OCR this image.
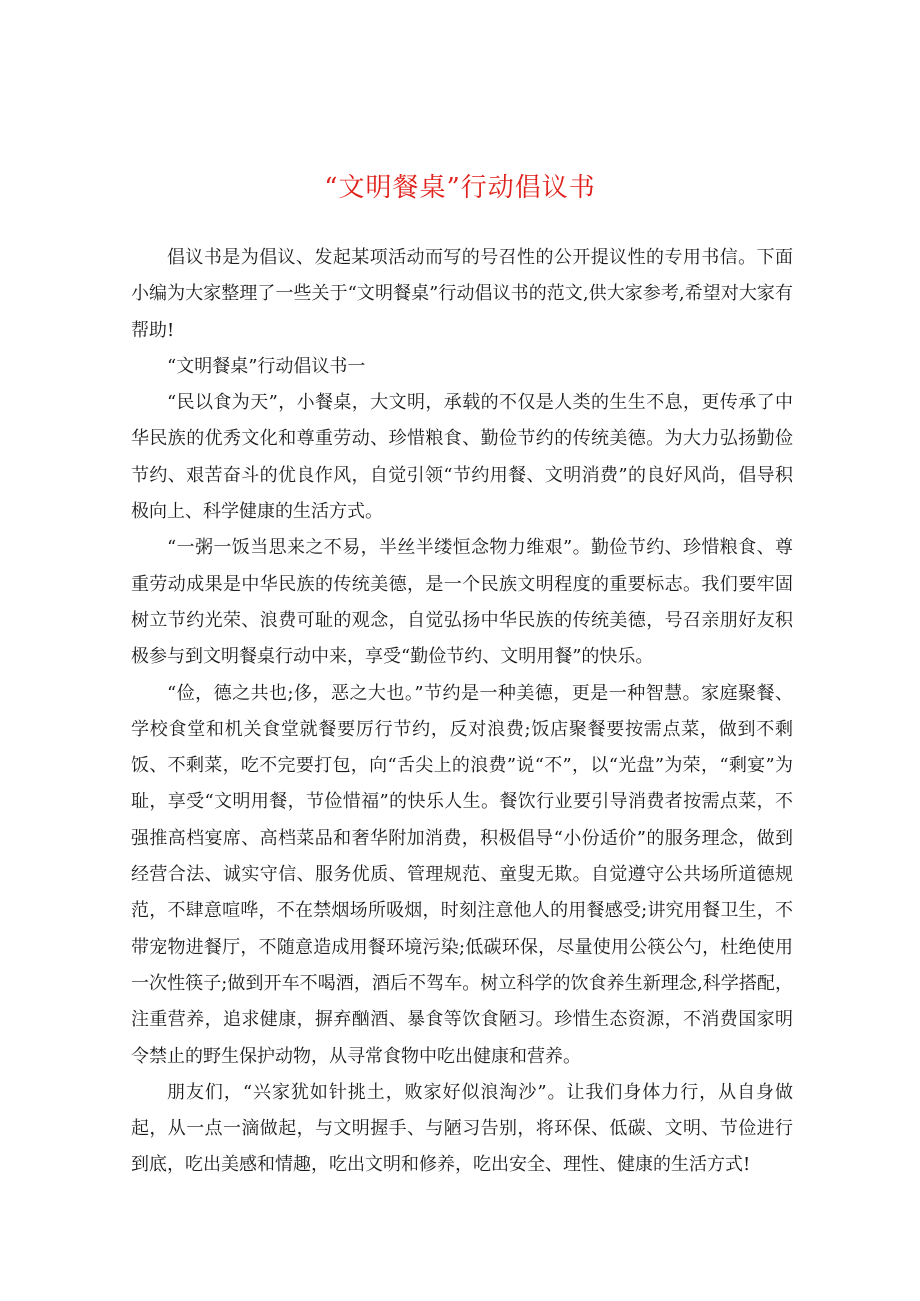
“文明餐桌”行动倡议书

倡议书是为倡议、发起某项活动而写的号召性的公开提议性的专用书信。下面小编为大家整理了一些关于“文明餐桌”行动倡议书的范文,供大家参考,希望对大家有帮助!

“文明餐桌”行动倡议书一

“民以食为天”，小餐桌，大文明，承载的不仅是人类的生生不息，更传承了中华民族的优秀文化和尊重劳动、珍惜粮食、勤俭节约的传统美德。为大力弘扬勤俭节约、艰苦奋斗的优良作风，自觉引领“节约用餐、文明消费”的良好风尚，倡导积极向上、科学健康的生活方式。

“一粥一饭当思来之不易，半丝半缕恒念物力维艰”。勤俭节约、珍惜粮食、尊重劳动成果是中华民族的传统美德，是一个民族文明程度的重要标志。我们要牢固树立节约光荣、浪费可耻的观念，自觉弘扬中华民族的传统美德，号召亲朋好友积极参与到文明餐桌行动中来，享受“勤俭节约、文明用餐”的快乐。

“俭，德之共也;侈，恶之大也。”节约是一种美德，更是一种智慧。家庭聚餐、学校食堂和机关食堂就餐要厉行节约，反对浪费;饭店聚餐要按需点菜，做到不剩饭、不剩菜，吃不完要打包，向“舌尖上的浪费”说“不”，以“光盘”为荣，“剩宴”为耻，享受“文明用餐，节俭惜福”的快乐人生。餐饮行业要引导消费者按需点菜，不强推高档宴席、高档菜品和奢华附加消费，积极倡导“小份适价”的服务理念，做到经营合法、诚实守信、服务优质、管理规范、童叟无欺。自觉遵守公共场所道德规范，不肆意喧哗，不在禁烟场所吸烟，时刻注意他人的用餐感受;讲究用餐卫生，不带宠物进餐厅，不随意造成用餐环境污染;低碳环保，尽量使用公筷公勺，杜绝使用一次性筷子;做到开车不喝酒，酒后不驾车。树立科学的饮食养生新理念,科学搭配，注重营养，追求健康，摒弃酗酒、暴食等饮食陋习。珍惜生态资源，不消费国家明令禁止的野生保护动物，从寻常食物中吃出健康和营养。

朋友们，“兴家犹如针挑土，败家好似浪淘沙”。让我们身体力行，从自身做起，从一点一滴做起，与文明握手、与陋习告别，将环保、低碳、文明、节俭进行到底，吃出美感和情趣，吃出文明和修养，吃出安全、理性、健康的生活方式!
